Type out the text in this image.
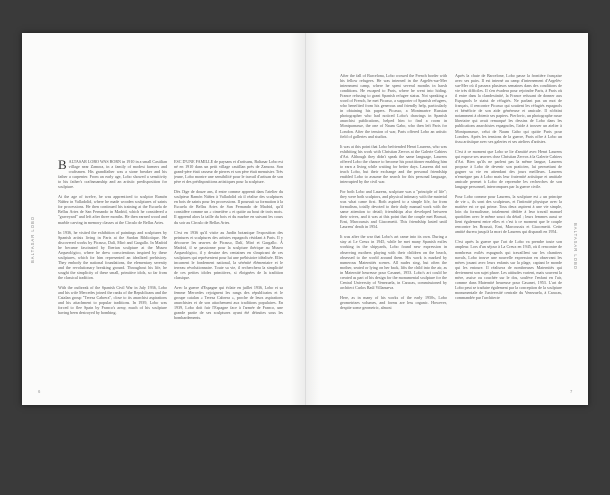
BALTASAR LOBO	BALTASAR LOBO
6	7

BALTASAR LOBO WAS BORN in 1910 in a small Castilian village near Zamora, in a family of modest farmers and craftsmen. His grandfather was a stone breaker and his father a carpenter. From an early age, Lobo showed a sensitivity to his father's craftsmanship and an artistic predisposition for sculpture.

At the age of twelve, he was apprenticed to sculptor Ramón Núñez in Valladolid, where he made wooden sculptures of saints for processions. He then continued his training at the Escuela de Bellas Artes de San Fernando in Madrid, which he considered a "graveyard" and left after three months. He then earned wood and marble carving in memory classes at the Círculo de Bellas Artes.

In 1936, he visited the exhibition of paintings and sculptures by Spanish artists living in Paris at the Sardan Bibliotique. He discovered works by Picasso, Dalí, Miró and Gargallo. In Madrid he became fascinated by Iberian sculpture at the Museo Arqueológico, where he drew conscientious inspired by these sculptures, which for him represented an idealized prehistory. They embody the national foundations, the elementary serenity and the revolutionary breaking ground. Throughout his life, he sought the simplicity of these small, primitive idols, so far from the classical tradition.

With the outbreak of the Spanish Civil War in July 1936, Lobo and his wife Mercedes joined the ranks of the Republicans and the Catalan group "Teresa Cabrera", close to its anarchist aspirations and his attachment to popular traditions. In 1939, Lobo was forced to flee Spain by Franco's army, much of his sculpture having been destroyed by bombing.

ESC D'UNE FAMILLE de paysans et d'artisans, Baltasar Lobo est né en 1910 dans un petit village castillan près de Zamora. Son grand-père était casseur de pierres et son père était menuisier. Très jeune, Lobo montre une sensibilité pour le travail d'artisan de son père et des prédispositions artistiques pour la sculpture.

Dès l'âge de douze ans, il entre comme apprenti dans l'atelier du sculpteur Ramón Núñez à Valladolid où il réalise des sculptures en bois de saints pour les processions. Il poursuit sa formation à la Escuela de Bellas Artes de San Fernando de Madrid, qu'il considère comme un « cimetière » et quitte au bout de trois mois. Il apprend alors la taille du bois et du marbre en suivant les cours du soir au Círculo de Bellas Artes.

C'est en 1936 qu'il visite au Jardín botanique l'exposition des peintures et sculptures des artistes espagnols résidant à Paris. Il y découvre les œuvres de Picasso, Dalí, Miró et Gargallo. À Madrid, il se passionne pour la sculpture ibérique au Museo Arqueológico, il y dessine des centaines en s'inspirant de ces sculptures qui représentent pour lui une préhistoire idéalisée. Elles incarnent le fondement national, la sérénité élémentaire et le terreau révolutionnaire. Toute sa vie, il recherchera la simplicité de ces petites idoles primitives, si éloignées de la tradition classique.

Avec la guerre d'Espagne qui éclate en juillet 1936, Lobo et sa femme Mercedes rejoignent les rangs des républicains et le groupe catalan « Teresa Cabrera », proche de leurs aspirations anarchistes et de son attachement aux traditions populaires. En 1939, Lobo doit fuir l'Espagne face à l'armée de Franco, une grande partie de ses sculptures ayant été détruites sous les bombardements.

After the fall of Barcelona, Lobo crossed the French border with his fellow refugees. He was interned in the Argelès-sur-Mer internment camp, where he spent several months in harsh conditions. He escaped to Paris, where he went into hiding. France refusing to grant Spanish refugee status. Not speaking a word of French, he met Picasso, a supporter of Spanish refugees, who benefited from his generous and friendly help, particularly in obtaining his papers. Picasso, a Montmartre Russian photographer who had noticed Lobo's drawings in Spanish anarchist publications, helped him to find a room in Montparnasse, the one of Naum Gabo, who then left Paris for London. After the tension of war, Paris offered Lobo an artistic field of galleries and studios.

It was at this point that Lobo befriended Henri Laurens, who was exhibiting his work with Christian Zervos at the Galerie Cahiers d'Art. Although they didn't speak the same language, Laurens offered Lobo the chance to become his practitioner enabling him to earn a living while waiting for better days. Laurens did not teach Lobo, but their exchange and the personal friendship enabled Lobo to assume the search for this personal language, interrupted by the civil war.

For both Lobo and Laurens, sculpture was a "principle of life"; they were both sculptors, and physical intimacy with the material was what came first. Both aspired to a simple life, far from formalism, totally devoted to their daily manual work with the same attention to detail; friendships also developed between their wives, and it was at this point that the couple met Brassaï, Erni, Marcoussis and Giacometti. This friendship lasted until Laurens' death in 1954.

It was after the war that Lobo's art came into its own. During a stay at Le Creux in 1945, while he met many Spanish exiles working in the shipyards, Lobo found new expression in observing mothers playing with their children on the beach, obsessed to the world around them. His work is marked by numerous Maternités scenes. All nudes sing, but often the mother, seated or lying on her back, lifts the child into the air, as in Maternité heureuse pour Casanet, 1953. Lobo's art could be created as part of his design for the monumental sculpture for the Central University of Venezuela, in Caracas, commissioned by architect Carlos Raúl Villanueva.

Here, as in many of his works of the early 1950s, Lobo geometrizes volumes, and forms are less organic. However, despite some geometric, almost

Après la chute de Barcelone, Lobo passe la frontière française avec ses pairs. Il est interné au camp d'internement d'Argelès-sur-Mer où il passera plusieurs semaines dans des conditions de vie très difficiles. Il s'en évadera pour rejoindre Paris, à Paris où il entre dans la clandestinité, la France refusant de donner aux Espagnols le statut de réfugiés. Ne parlant pas un mot de français, il rencontre Picasso qui soutient les réfugiés espagnols et bénéficie de son aide généreuse et amicale. Il n'obtint notamment à obtenir ses papiers. Pierlovic, un photographe russe libertaire qui avait remarqué les dessins de Lobo dans les publications anarchistes espagnoles, l'aide à trouver un atelier à Montparnasse, celui de Naum Gabo qui quitte Paris pour Londres. Après les tensions de la guerre, Paris offre à Lobo un tissu artistique avec ses galeries et ses ateliers d'artistes.

C'est à ce moment que Lobo se lie d'amitié avec Henri Laurens qui expose ses œuvres chez Christian Zervos à la Galerie Cahiers d'Art. Bien qu'ils ne parlent pas la même langue, Laurens propose à Lobo de devenir son praticien, lui permettant de gagner sa vie en attendant des jours meilleurs. Laurens n'enseigne pas à Lobo mais leur fraternité artistique et amitiale amicale permet à Lobo de reprendre les recherches de son langage personnel, interrompues par la guerre civile.

Pour Lobo comme pour Laurens, la sculpture est « un principe de vie », ils sont des sculpteurs, et l'intimité physique avec la matière est ce qui prime. Tous deux aspirent à une vie simple, loin du formalisme, totalement dédiée à leur travail manuel quotidien avec le même souci du détail ; leurs femmes aussi se lient également entre elles et c'est à ce moment que le couple rencontre les Brassaï, Erni, Marcoussis et Giacometti. Cette amitié durera jusqu'à la mort de Laurens qui disparaît en 1954.

C'est après la guerre que l'art de Lobo va prendre toute son ampleur. Lors d'un séjour à La Creux en 1945, où il rencontre de nombreux exilés espagnols qui travaillent sur les chantiers navals, Lobo trouve une nouvelle expression en observant les mères jouant avec leurs enfants sur la plage, captant le monde qui les entoure. Il réalisera de nombreuses Maternités qui deviennent son sujet phare. Les attitudes varient, mais souvent la mère, assise ou couchée sur le dos, soulève l'enfant en l'air, comme dans Maternité heureuse pour Casanet, 1953. L'art de Lobo peut se traduire également par la conception de la sculpture monumentale de l'université centrale du Venezuela, à Caracas, commandée par l'architecte
